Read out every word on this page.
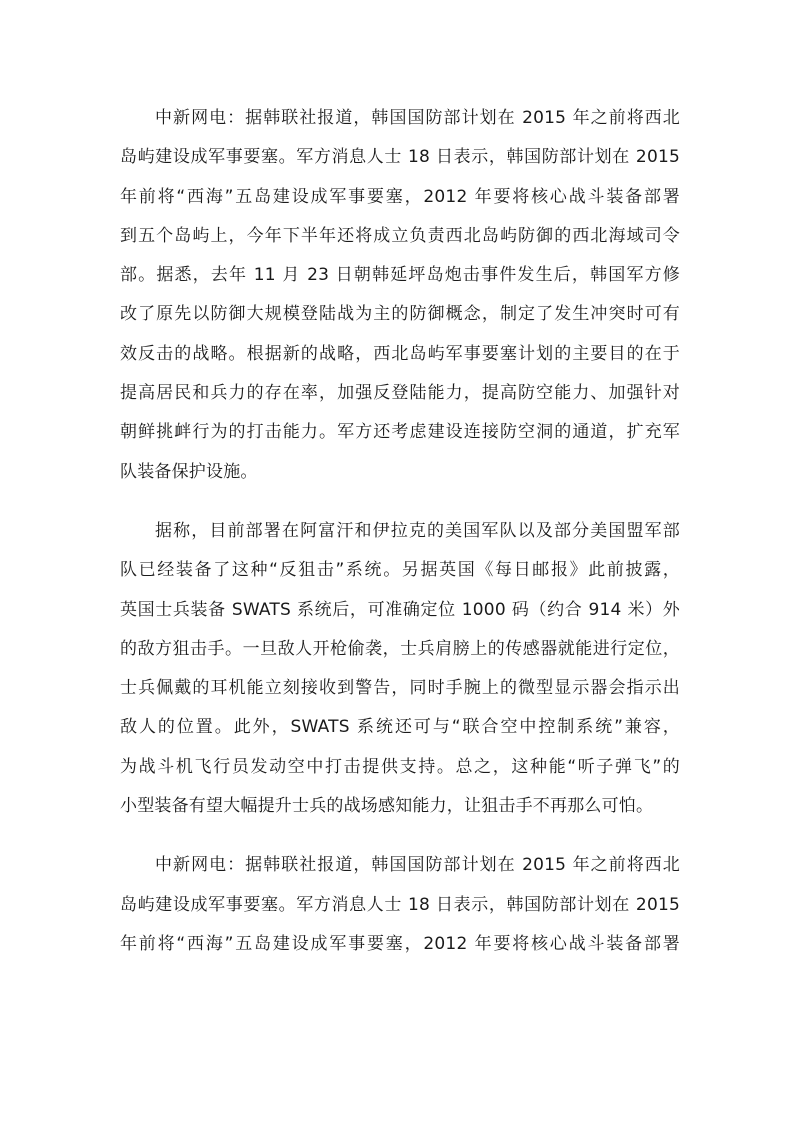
中新网电：据韩联社报道，韩国国防部计划在 2015 年之前将西北
岛屿建设成军事要塞。军方消息人士 18 日表示，韩国防部计划在 2015
年前将“西海”五岛建设成军事要塞，2012 年要将核心战斗装备部署
到五个岛屿上，今年下半年还将成立负责西北岛屿防御的西北海域司令
部。据悉，去年 11 月 23 日朝韩延坪岛炮击事件发生后，韩国军方修
改了原先以防御大规模登陆战为主的防御概念，制定了发生冲突时可有
效反击的战略。根据新的战略，西北岛屿军事要塞计划的主要目的在于
提高居民和兵力的存在率，加强反登陆能力，提高防空能力、加强针对
朝鲜挑衅行为的打击能力。军方还考虑建设连接防空洞的通道，扩充军
队装备保护设施。

据称，目前部署在阿富汗和伊拉克的美国军队以及部分美国盟军部
队已经装备了这种“反狙击”系统。另据英国《每日邮报》此前披露，
英国士兵装备 SWATS 系统后，可准确定位 1000 码（约合 914 米）外
的敌方狙击手。一旦敌人开枪偷袭，士兵肩膀上的传感器就能进行定位，
士兵佩戴的耳机能立刻接收到警告，同时手腕上的微型显示器会指示出
敌人的位置。此外，SWATS 系统还可与“联合空中控制系统”兼容，
为战斗机飞行员发动空中打击提供支持。总之，这种能“听子弹飞”的
小型装备有望大幅提升士兵的战场感知能力，让狙击手不再那么可怕。

中新网电：据韩联社报道，韩国国防部计划在 2015 年之前将西北
岛屿建设成军事要塞。军方消息人士 18 日表示，韩国防部计划在 2015
年前将“西海”五岛建设成军事要塞，2012 年要将核心战斗装备部署
